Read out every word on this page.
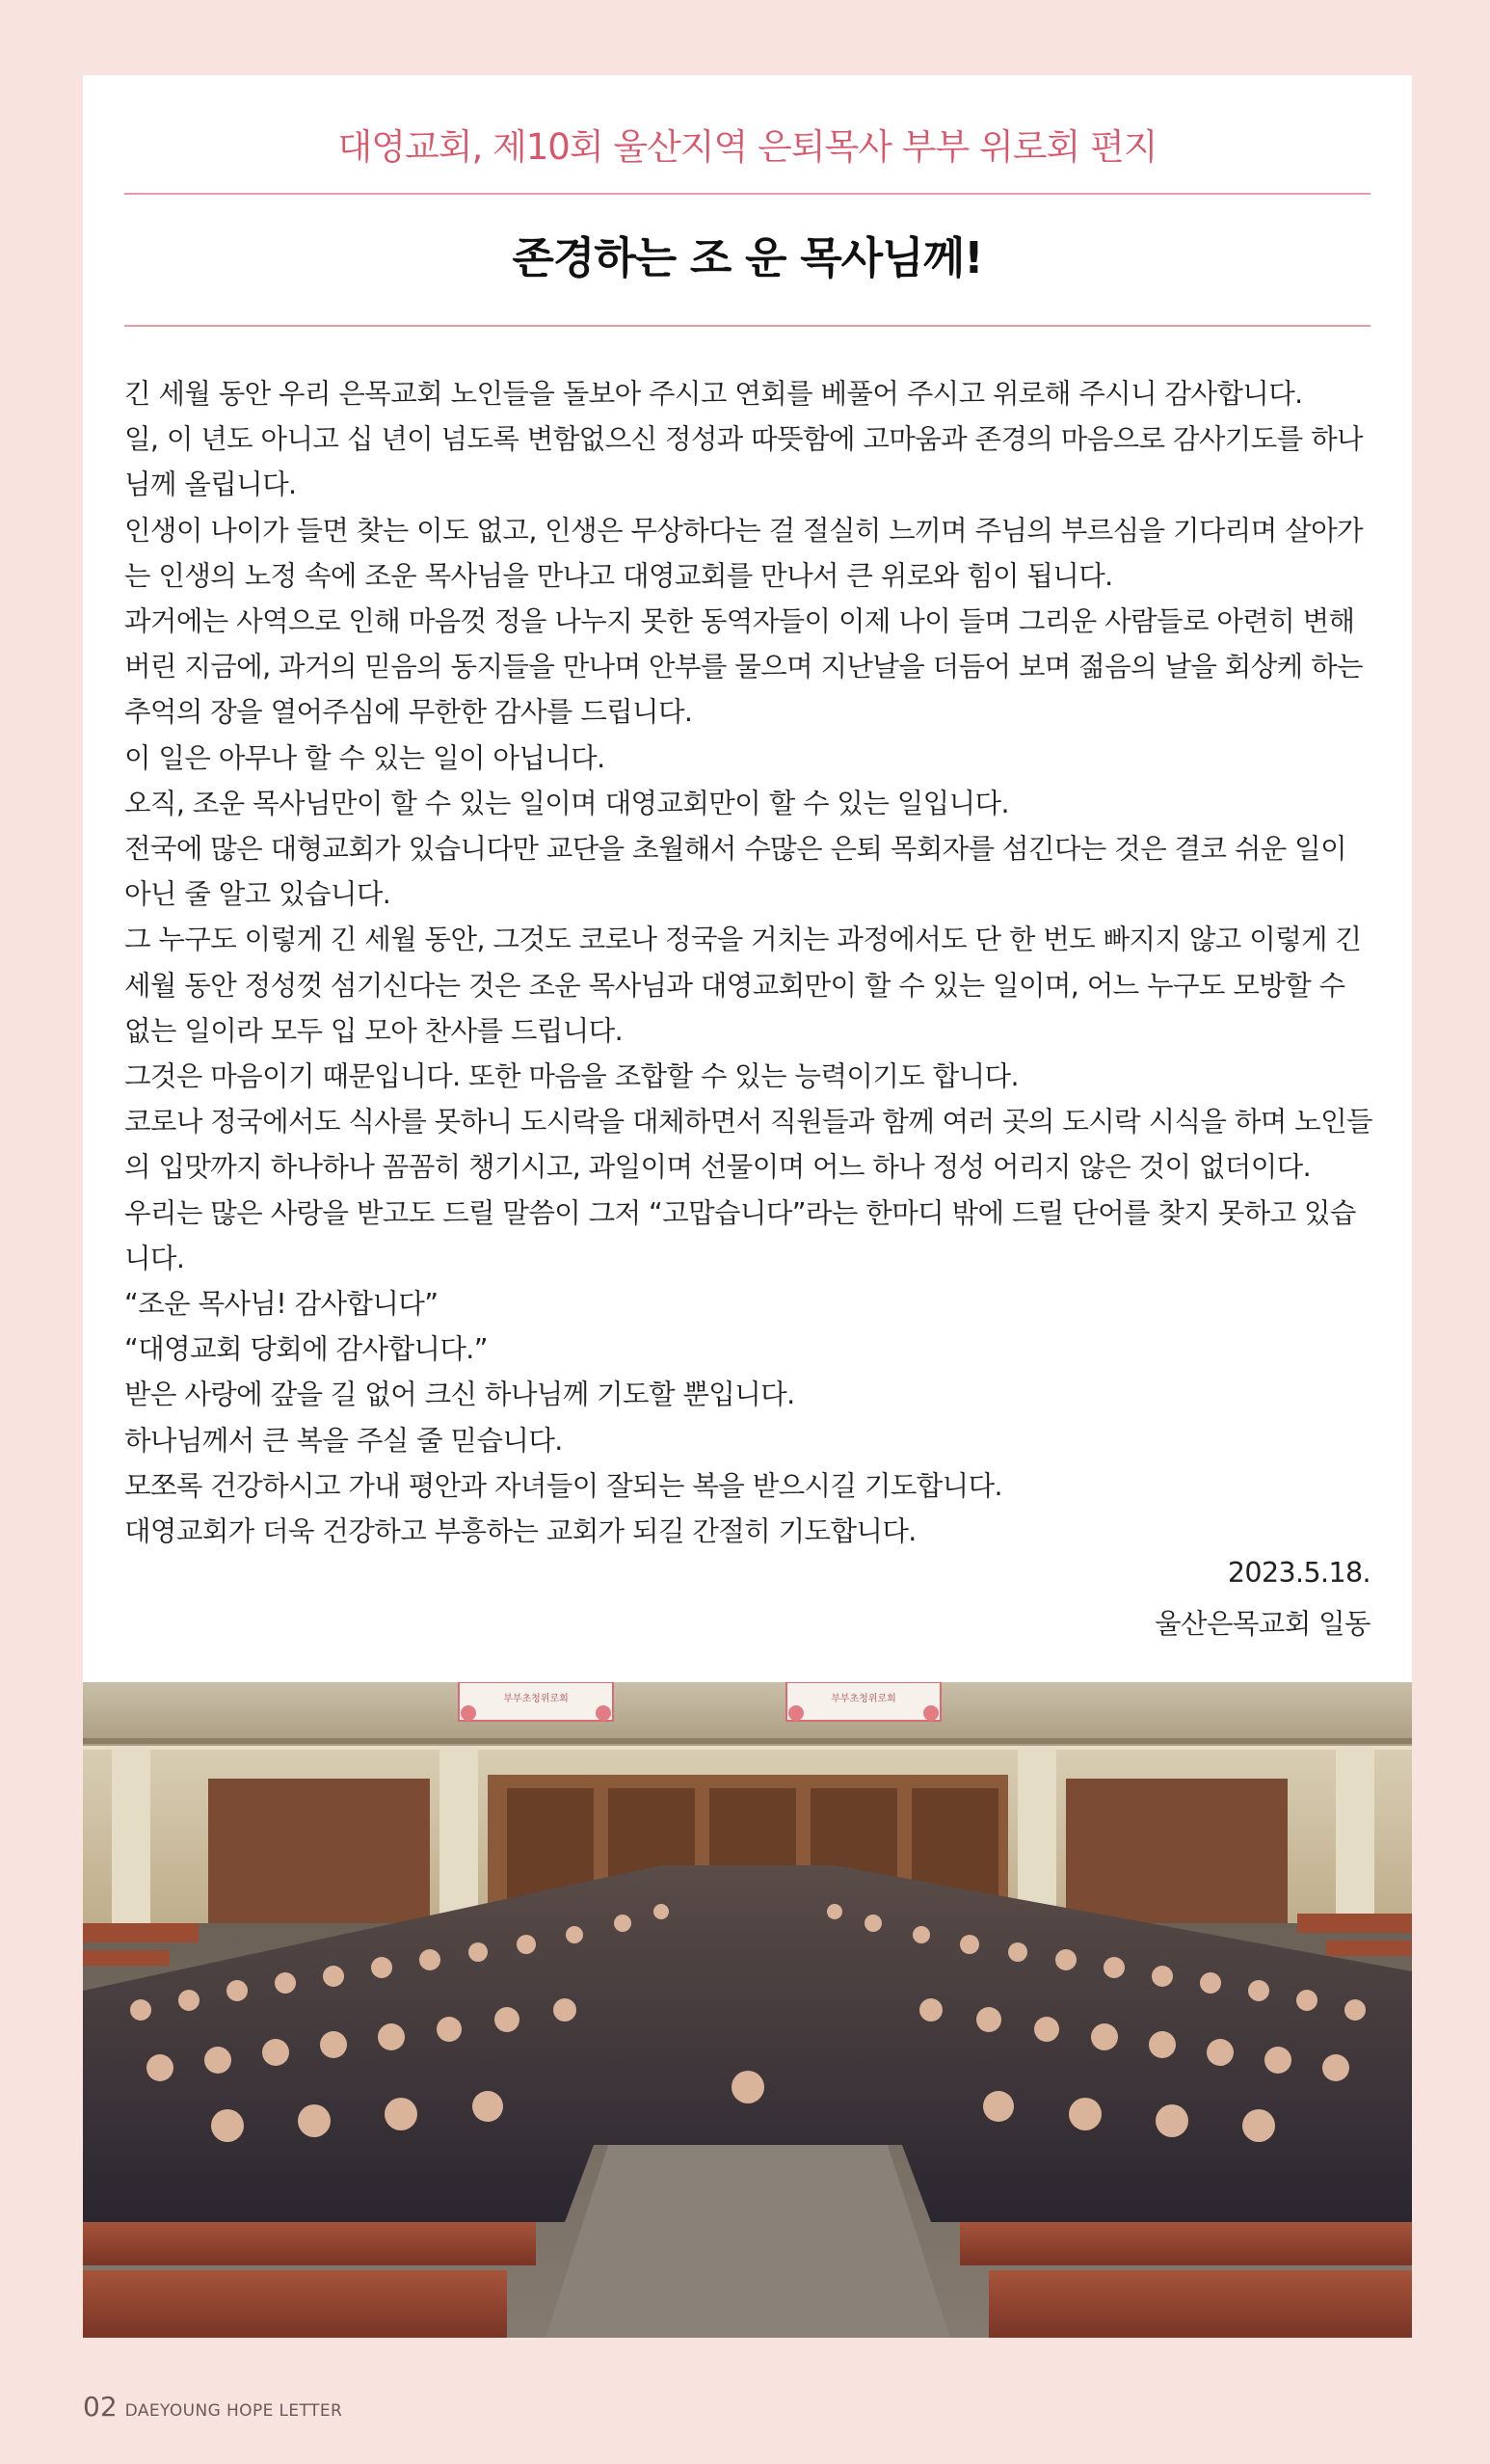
대영교회, 제10회 울산지역 은퇴목사 부부 위로회 편지
존경하는 조 운 목사님께!

긴 세월 동안 우리 은목교회 노인들을 돌보아 주시고 연회를 베풀어 주시고 위로해 주시니 감사합니다.

일, 이 년도 아니고 십 년이 넘도록 변함없으신 정성과 따뜻함에 고마움과 존경의 마음으로 감사기도를 하나님께 올립니다.

인생이 나이가 들면 찾는 이도 없고, 인생은 무상하다는 걸 절실히 느끼며 주님의 부르심을 기다리며 살아가는 인생의 노정 속에 조운 목사님을 만나고 대영교회를 만나서 큰 위로와 힘이 됩니다.

과거에는 사역으로 인해 마음껏 정을 나누지 못한 동역자들이 이제 나이 들며 그리운 사람들로 아련히 변해버린 지금에, 과거의 믿음의 동지들을 만나며 안부를 물으며 지난날을 더듬어 보며 젊음의 날을 회상케 하는 추억의 장을 열어주심에 무한한 감사를 드립니다.

이 일은 아무나 할 수 있는 일이 아닙니다.

오직, 조운 목사님만이 할 수 있는 일이며 대영교회만이 할 수 있는 일입니다.

전국에 많은 대형교회가 있습니다만 교단을 초월해서 수많은 은퇴 목회자를 섬긴다는 것은 결코 쉬운 일이 아닌 줄 알고 있습니다.

그 누구도 이렇게 긴 세월 동안, 그것도 코로나 정국을 거치는 과정에서도 단 한 번도 빠지지 않고 이렇게 긴 세월 동안 정성껏 섬기신다는 것은 조운 목사님과 대영교회만이 할 수 있는 일이며, 어느 누구도 모방할 수 없는 일이라 모두 입 모아 찬사를 드립니다.

그것은 마음이기 때문입니다. 또한 마음을 조합할 수 있는 능력이기도 합니다.

코로나 정국에서도 식사를 못하니 도시락을 대체하면서 직원들과 함께 여러 곳의 도시락 시식을 하며 노인들의 입맛까지 하나하나 꼼꼼히 챙기시고, 과일이며 선물이며 어느 하나 정성 어리지 않은 것이 없더이다.

우리는 많은 사랑을 받고도 드릴 말씀이 그저 “고맙습니다”라는 한마디 밖에 드릴 단어를 찾지 못하고 있습니다.

“조운 목사님! 감사합니다”

“대영교회 당회에 감사합니다.”

받은 사랑에 갚을 길 없어 크신 하나님께 기도할 뿐입니다.

하나님께서 큰 복을 주실 줄 믿습니다.

모쪼록 건강하시고 가내 평안과 자녀들이 잘되는 복을 받으시길 기도합니다.

대영교회가 더욱 건강하고 부흥하는 교회가 되길 간절히 기도합니다.

2023.5.18.
울산은목교회 일동
부부초청위로회	부부초청위로회
02 DAEYOUNG HOPE LETTER
